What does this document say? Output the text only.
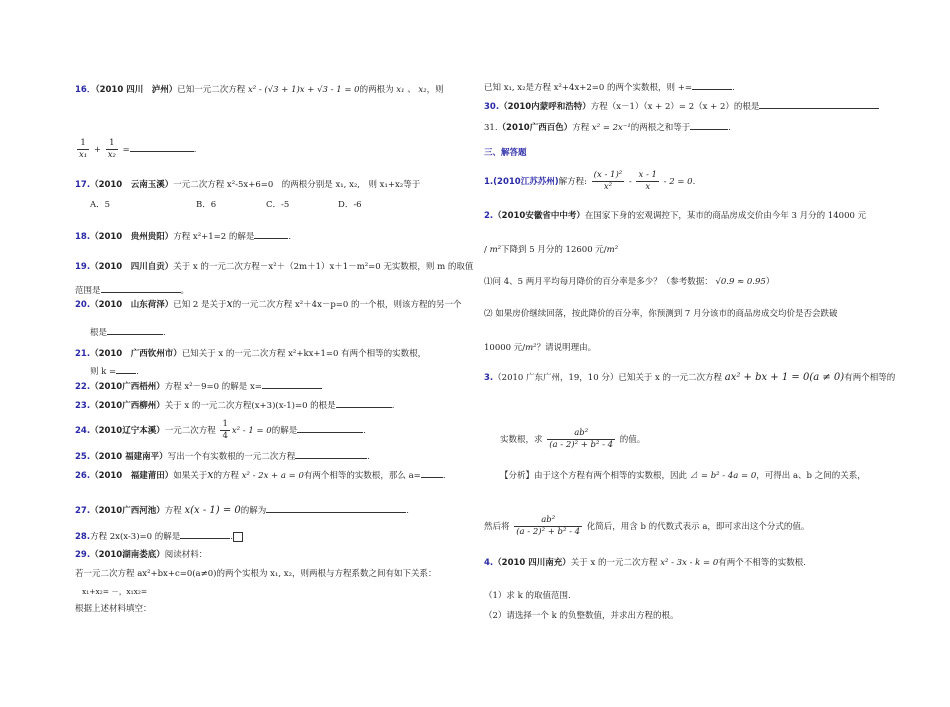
16．（2010 四川　泸州）已知一元二次方程 x² - (√3 + 1)x + √3 - 1 = 0的两根为 x₁ 、 x₂，则
$\frac{1}{\text{x₁}} + \frac{1}{\text{x₂}}$ =	.
17.（2010　云南玉溪）一元二次方程 x²-5x+6=0　的两根分别是 x₁, x₂,　则 x₁+x₂等于
A．5	B．6	C．-5	D．-6
18.（2010　贵州贵阳）方程 x²+1=2 的解是	.
19.（2010　四川自贡）关于 x 的一元二次方程－x²＋（2m＋1）x＋1－m²=0 无实数根，则 m 的取值
范围是	。
20.（2010　山东荷泽）已知 2 是关于x的一元二次方程 x²＋4x－p=0 的一个根，则该方程的另一个
根是	.
21.（2010　广西钦州市）已知关于 x 的一元二次方程 x²+kx+1=0 有两个相等的实数根，
则 k = .
22.（2010广西梧州）方程 x²－9=0 的解是 x=
23.（2010广西柳州）关于 x 的一元二次方程(x+3)(x-1)=0 的根是	.
24.（2010辽宁本溪）一元二次方程 $\frac{1}{4} x^2 - 1 = 0$的解是	.
25.（2010 福建南平）写出一个有实数根的一元二次方程	.
26.（2010　福建莆田）如果关于x的方程 x² - 2x + a = 0有两个相等的实数根，那么 a=	.
27.（2010广西河池）方程 x(x - 1) = 0的解为	.
28.方程 2x(x-3)=0 的解是	.
29.（2010湖南娄底）阅读材料：
若一元二次方程 ax²+bx+c=0(a≠0)的两个实根为 x₁, x₂，则两根与方程系数之间有如下关系：
x₁+x₂= －，x₁x₂=
根据上述材料填空：
已知 x₁, x₂是方程 x²+4x+2=0 的两个实数根，则 +=	.
30.（2010内蒙呼和浩特）方程（x－1）（x + 2）= 2（x + 2）的根是
31.（2010广西百色）方程 x² = 2x⁻¹的两根之和等于	.
三、解答题
1.(2010江苏苏州)解方程: $\frac{\text{(x - 1)²}}{\text{x²}} - \frac{x - 1}{x} - 2 = 0$.
2.（2010安徽省中中考）在国家下身的宏观调控下，某市的商品房成交价由今年 3 月分的 14000 元
/ m²下降到 5 月分的 12600 元/m²
⑴问 4、5 两月平均每月降价的百分率是多少？（参考数据： √0.9 ≈ 0.95）
⑵ 如果房价继续回落，按此降价的百分率，你预测到 7 月分该市的商品房成交均价是否会跌破
10000 元/m²？请说明理由。
3.（2010 广东广州，19，10 分）已知关于 x 的一元二次方程 ax² + bx + 1 = 0(a ≠ 0)有两个相等的
实数根，求 $\frac{\text{ab²}}{\text{(a - 2)² + b² - 4}}$ 的值。
【分析】由于这个方程有两个相等的实数根，因此 ⊿ = b² - 4a = 0，可得出 a、b 之间的关系，
然后将 $\frac{\text{ab²}}{\text{(a - 2)² + b² - 4}}$ 化简后，用含 b 的代数式表示 a，即可求出这个分式的值。
4.（2010 四川南充）关于 x 的一元二次方程 x² - 3x - k = 0有两个不相等的实数根.
（1）求 k 的取值范围.
（2）请选择一个 k 的负整数值，并求出方程的根。
